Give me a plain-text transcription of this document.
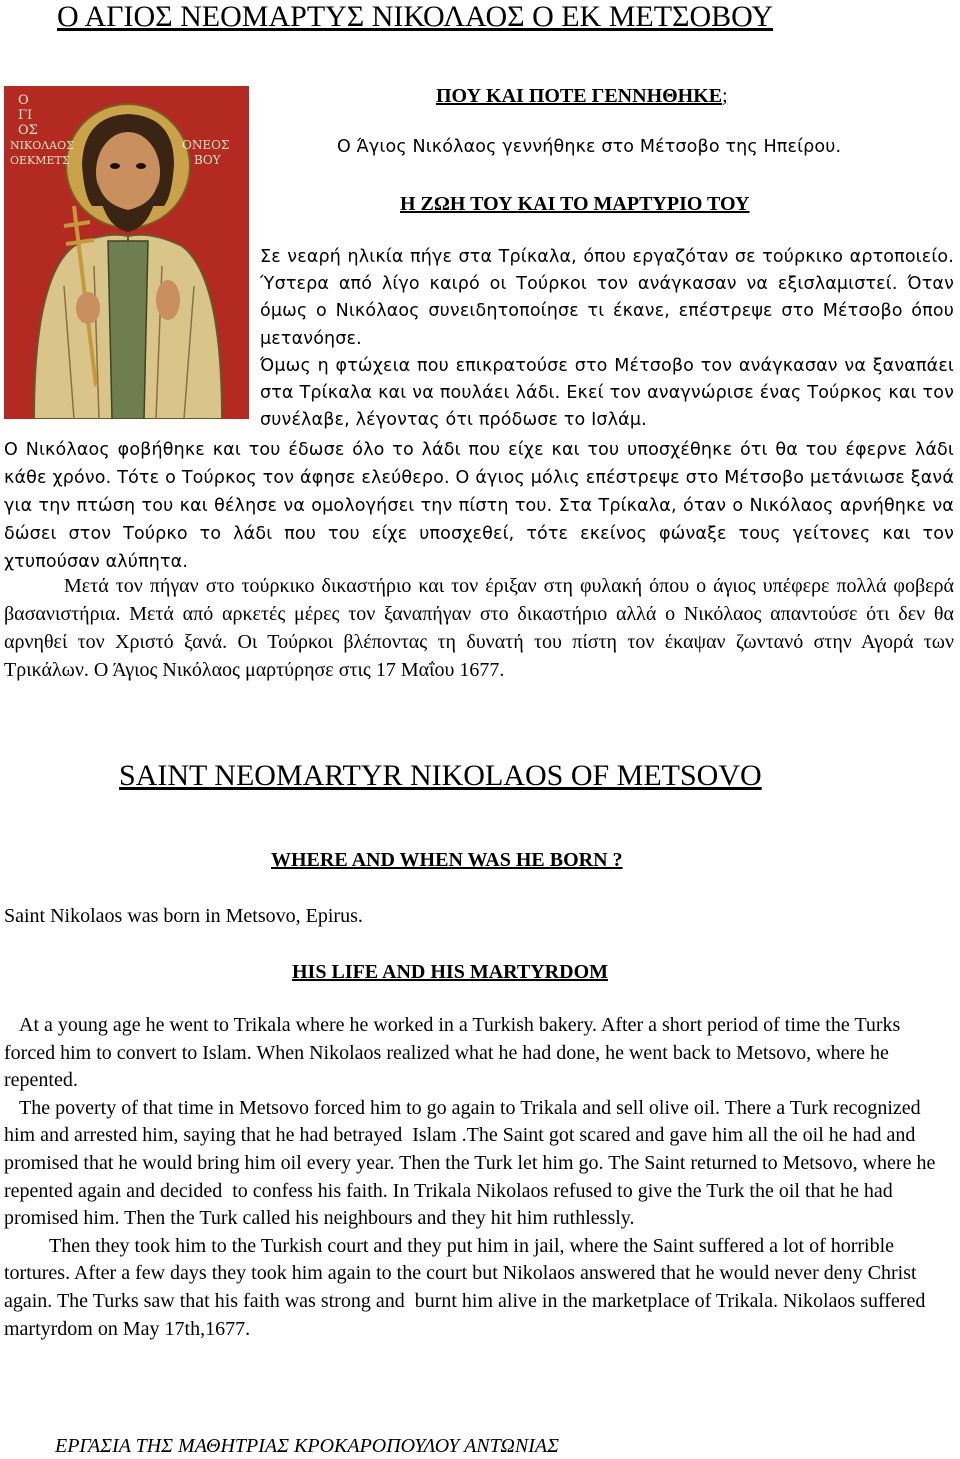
Ο ΑΓΙΟΣ ΝΕΟΜΑΡΤΥΣ ΝΙΚΟΛΑΟΣ Ο ΕΚ ΜΕΤΣΟΒΟΥ
Ο
ΓΙ
ΟΣ
ΝΙΚΟΛΑΟΣ
ΟΕΚΜΕΤΣ
ΟΝΕΟΣ
ΒΟΥ

ΠΟΥ ΚΑΙ ΠΟΤΕ ΓΕΝΝΗΘΗΚΕ;

Ο Άγιος Νικόλαος γεννήθηκε στο Μέτσοβο της Ηπείρου.

Η ΖΩΗ ΤΟΥ ΚΑΙ ΤΟ ΜΑΡΤΥΡΙΟ ΤΟΥ

Σε νεαρή ηλικία πήγε στα Τρίκαλα, όπου εργαζόταν σε τούρκικο αρτοποιείο. Ύστερα από λίγο καιρό οι Τούρκοι τον ανάγκασαν να εξισλαμιστεί. Όταν όμως ο Νικόλαος συνειδητοποίησε τι έκανε, επέστρεψε στο Μέτσοβο όπου μετανόησε.
Όμως η φτώχεια που επικρατούσε στο Μέτσοβο τον ανάγκασαν να ξαναπάει στα Τρίκαλα και να πουλάει λάδι. Εκεί τον αναγνώρισε ένας Τούρκος και τον συνέλαβε, λέγοντας ότι πρόδωσε το Ισλάμ.

Ο Νικόλαος φοβήθηκε και του έδωσε όλο το λάδι που είχε και του υποσχέθηκε ότι θα του έφερνε λάδι κάθε χρόνο. Τότε ο Τούρκος τον άφησε ελεύθερο. Ο άγιος μόλις επέστρεψε στο Μέτσοβο μετάνιωσε ξανά για την πτώση του και θέλησε να ομολογήσει την πίστη του. Στα Τρίκαλα, όταν ο Νικόλαος αρνήθηκε να δώσει στον Τούρκο το λάδι που του είχε υποσχεθεί, τότε εκείνος φώναξε τους γείτονες και τον χτυπούσαν αλύπητα.

Μετά τον πήγαν στο τούρκικο δικαστήριο και τον έριξαν στη φυλακή όπου ο άγιος υπέφερε πολλά φοβερά βασανιστήρια. Μετά από αρκετές μέρες τον ξαναπήγαν στο δικαστήριο αλλά ο Νικόλαος απαντούσε ότι δεν θα αρνηθεί τον Χριστό ξανά. Οι Τούρκοι βλέποντας τη δυνατή του πίστη τον έκαψαν ζωντανό στην Αγορά των Τρικάλων. Ο Άγιος Νικόλαος μαρτύρησε στις 17 Μαΐου 1677.

SAINT NEOMARTYR NIKOLAOS OF METSOVO

WHERE AND WHEN WAS HE BORN ?

Saint Nikolaos was born in Metsovo, Epirus.

HIS LIFE AND HIS MARTYRDOM

At a young age he went to Trikala where he worked in a Turkish bakery. After a short period of time the Turks forced him to convert to Islam. When Nikolaos realized what he had done, he went back to Metsovo, where he repented.
The poverty of that time in Metsovo forced him to go again to Trikala and sell olive oil. There a Turk recognized him and arrested him, saying that he had betrayed  Islam .The Saint got scared and gave him all the oil he had and promised that he would bring him oil every year. Then the Turk let him go. The Saint returned to Metsovo, where he repented again and decided  to confess his faith. In Trikala Nikolaos refused to give the Turk the oil that he had promised him. Then the Turk called his neighbours and they hit him ruthlessly.
Then they took him to the Turkish court and they put him in jail, where the Saint suffered a lot of horrible tortures. After a few days they took him again to the court but Nikolaos answered that he would never deny Christ again. The Turks saw that his faith was strong and  burnt him alive in the marketplace of Trikala. Nikolaos suffered martyrdom on May 17th,1677.

ΕΡΓΑΣΙΑ ΤΗΣ ΜΑΘΗΤΡΙΑΣ ΚΡΟΚΑΡΟΠΟΥΛΟΥ ΑΝΤΩΝΙΑΣ
